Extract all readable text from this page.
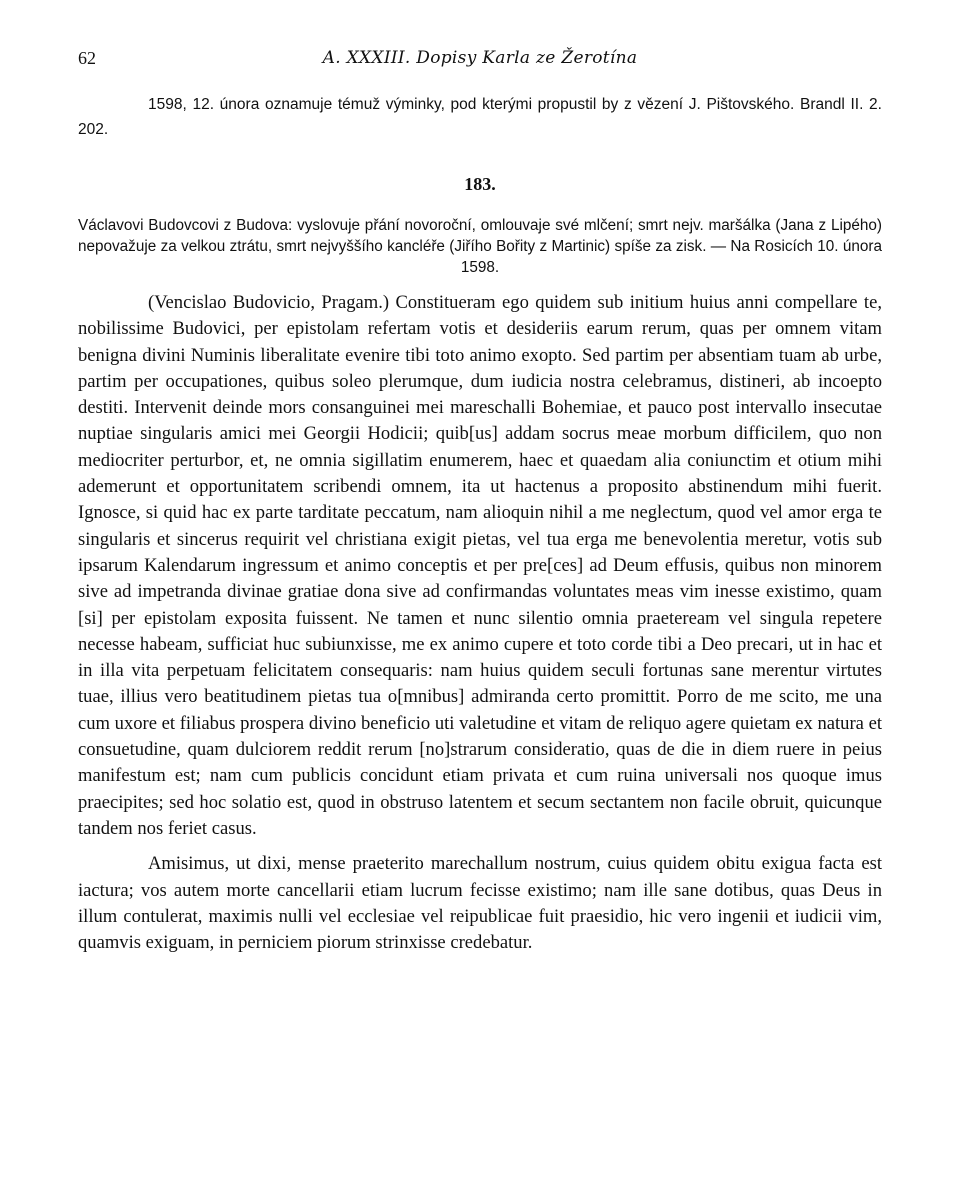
62	A. XXXIII. Dopisy Karla ze Žerotína
1598, 12. února oznamuje témuž výminky, pod kterými propustil by z vězení J. Pištovského. Brandl II. 2. 202.
183.
Václavovi Budovcovi z Budova: vyslovuje přání novoroční, omlouvaje své mlčení; smrt nejv. maršálka (Jana z Lipého) nepovažuje za velkou ztrátu, smrt nejvyššího kancléře (Jiřího Bořity z Martinic) spíše za zisk. — Na Rosicích 10. února 1598.

(Vencislao Budovicio, Pragam.) Constitueram ego quidem sub initium huius anni compellare te, nobilissime Budovici, per epistolam refertam votis et desideriis earum rerum, quas per omnem vitam benigna divini Numinis liberalitate evenire tibi toto animo exopto. Sed partim per absentiam tuam ab urbe, partim per occupationes, quibus soleo plerumque, dum iudicia nostra celebramus, distineri, ab incoepto destiti. Intervenit deinde mors consanguinei mei mareschalli Bohemiae, et pauco post intervallo insecutae nuptiae singularis amici mei Georgii Hodicii; quib[us] addam socrus meae morbum difficilem, quo non mediocriter perturbor, et, ne omnia sigillatim enumerem, haec et quaedam alia coniunctim et otium mihi ademerunt et opportunitatem scribendi omnem, ita ut hactenus a proposito abstinendum mihi fuerit. Ignosce, si quid hac ex parte tarditate peccatum, nam alioquin nihil a me neglectum, quod vel amor erga te singularis et sincerus requirit vel christiana exigit pietas, vel tua erga me benevolentia meretur, votis sub ipsarum Kalendarum ingressum et animo conceptis et per pre[ces] ad Deum effusis, quibus non minorem sive ad impetranda divinae gratiae dona sive ad confirmandas voluntates meas vim inesse existimo, quam [si] per epistolam exposita fuissent. Ne tamen et nunc silentio omnia praeteream vel singula repetere necesse habeam, sufficiat huc subiunxisse, me ex animo cupere et toto corde tibi a Deo precari, ut in hac et in illa vita perpetuam felicitatem consequaris: nam huius quidem seculi fortunas sane merentur virtutes tuae, illius vero beatitudinem pietas tua o[mnibus] admiranda certo promittit. Porro de me scito, me una cum uxore et filiabus prospera divino beneficio uti valetudine et vitam de reliquo agere quietam ex natura et consuetudine, quam dulciorem reddit rerum [no]strarum consideratio, quas de die in diem ruere in peius manifestum est; nam cum publicis concidunt etiam privata et cum ruina universali nos quoque imus praecipites; sed hoc solatio est, quod in obstruso latentem et secum sectantem non facile obruit, quicunque tandem nos feriet casus.

Amisimus, ut dixi, mense praeterito marechallum nostrum, cuius quidem obitu exigua facta est iactura; vos autem morte cancellarii etiam lucrum fecisse existimo; nam ille sane dotibus, quas Deus in illum contulerat, maximis nulli vel ecclesiae vel reipublicae fuit praesidio, hic vero ingenii et iudicii vim, quamvis exiguam, in perniciem piorum strinxisse credebatur.
